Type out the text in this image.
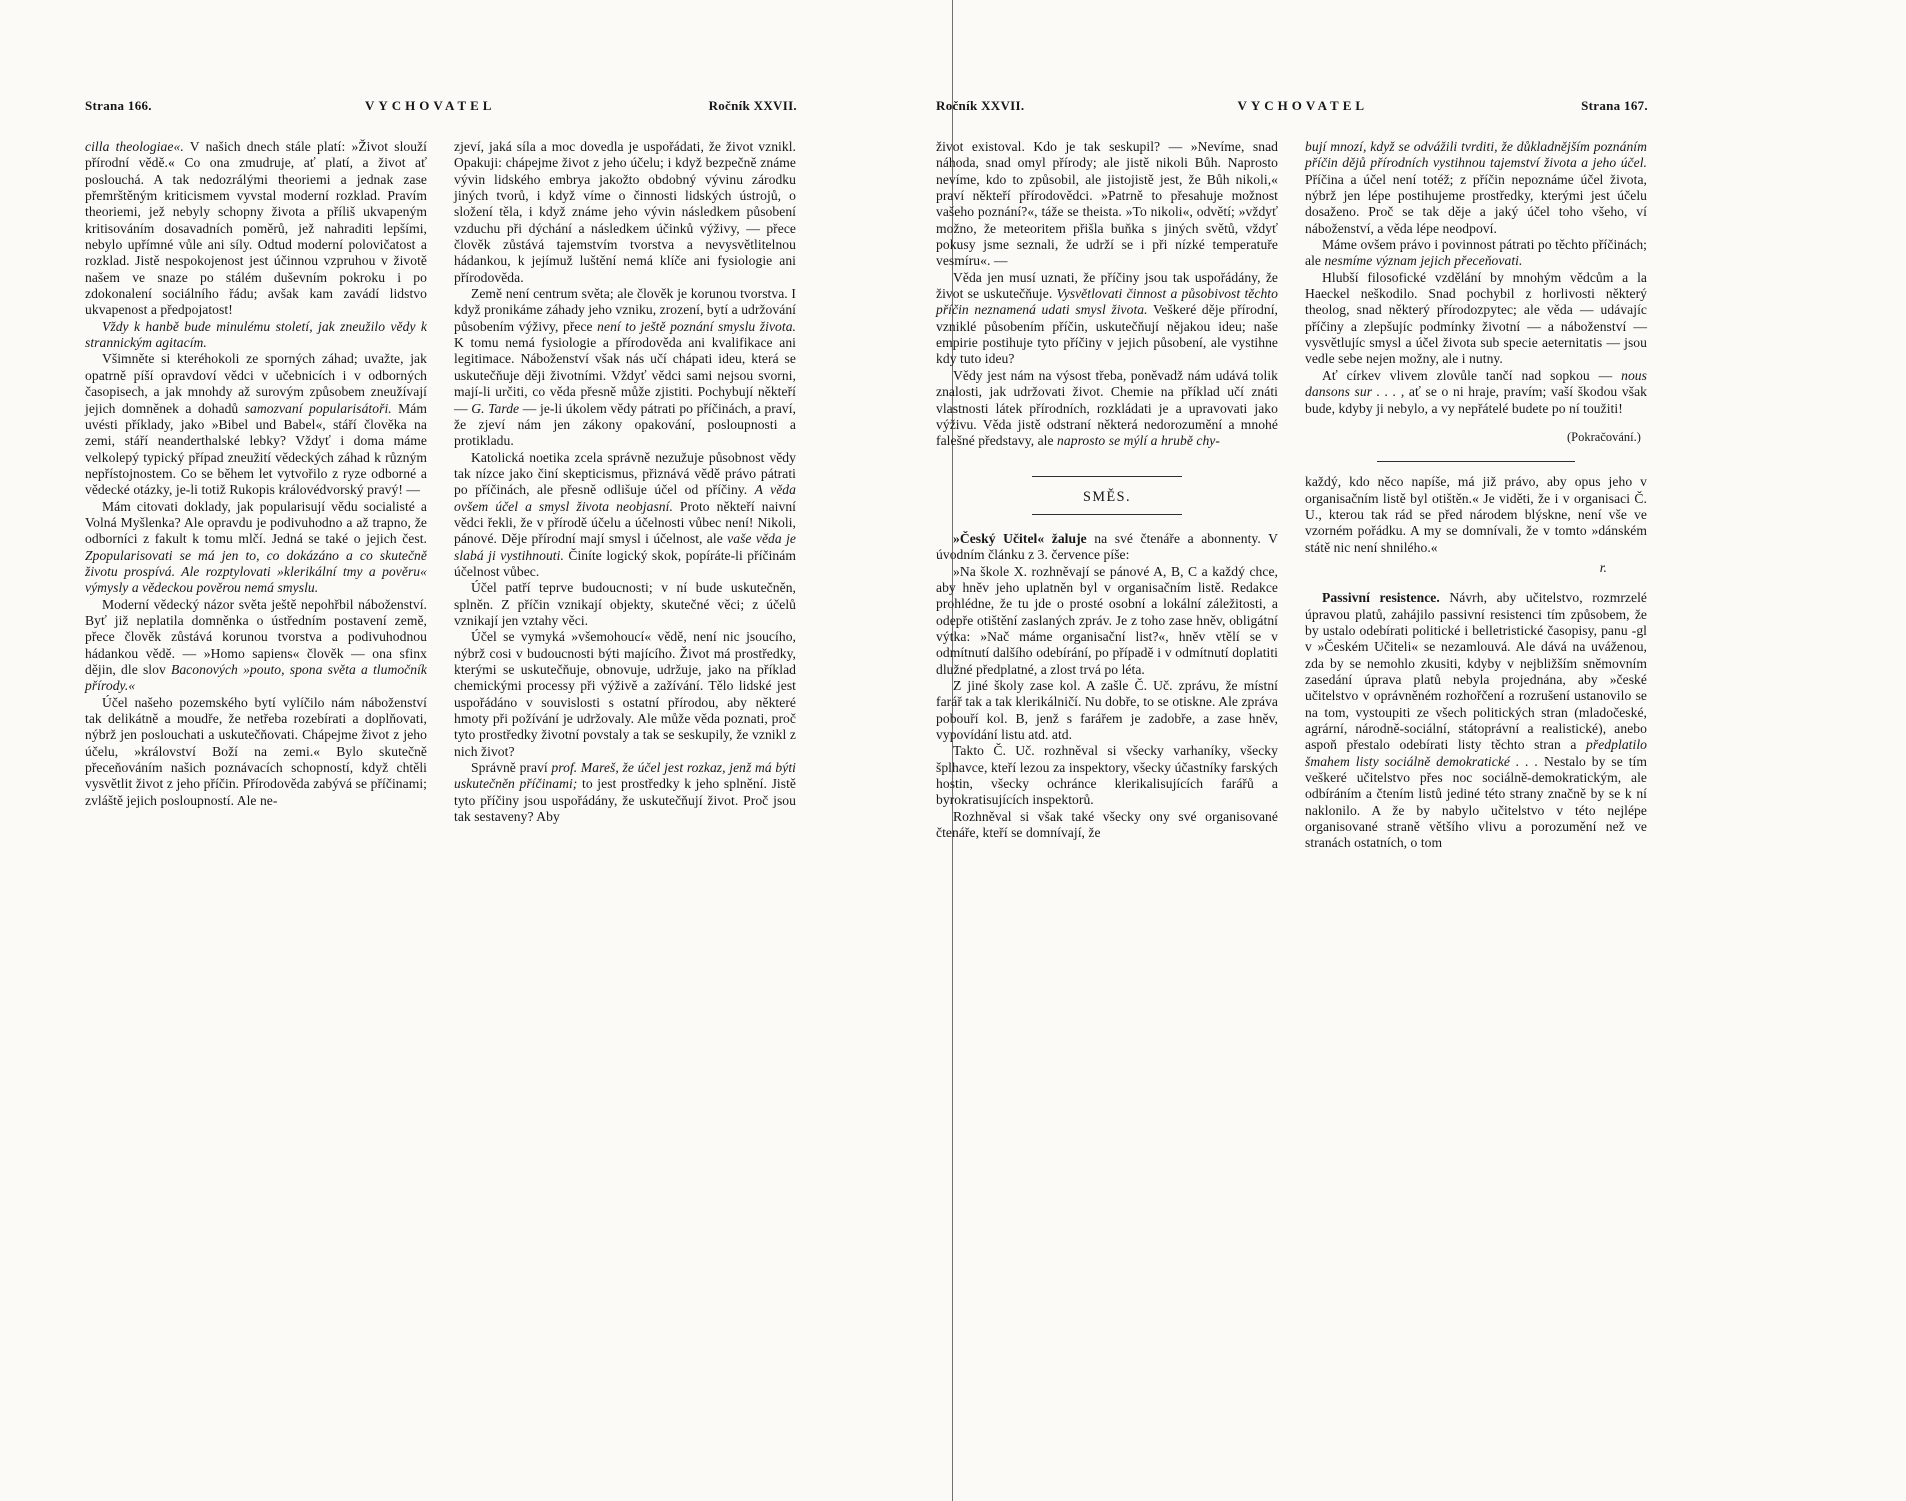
Strana 166.	VYCHOVATEL	Ročník XXVII.

cilla theologiae«. V našich dnech stále platí: »Život slouží přírodní vědě.« Co ona zmudruje, ať platí, a život ať poslouchá. A tak nedozrálými theoriemi a jednak zase přemrštěným kriticismem vyvstal moderní rozklad. Pravím theoriemi, jež nebyly schopny života a příliš ukvapeným kritisováním dosavadních poměrů, jež nahraditi lepšími, nebylo upřímné vůle ani síly. Odtud moderní polovičatost a rozklad. Jistě nespokojenost jest účinnou vzpruhou v životě našem ve snaze po stálém duševním pokroku i po zdokonalení sociálního řádu; avšak kam zavádí lidstvo ukvapenost a předpojatost!

Vždy k hanbě bude minulému století, jak zneužilo vědy k strannickým agitacím.

Všimněte si kteréhokoli ze sporných záhad; uvažte, jak opatrně píší opravdoví vědci v učebnicích i v odborných časopisech, a jak mnohdy až surovým způsobem zneužívají jejich domněnek a dohadů samozvaní popularisátoři. Mám uvésti příklady, jako »Bibel und Babel«, stáří člověka na zemi, stáří neanderthalské lebky? Vždyť i doma máme velkolepý typický případ zneužití vědeckých záhad k různým nepřístojnostem. Co se během let vytvořilo z ryze odborné a vědecké otázky, je-li totiž Rukopis královédvorský pravý! —

Mám citovati doklady, jak popularisují vědu socialisté a Volná Myšlenka? Ale opravdu je podivuhodno a až trapno, že odborníci z fakult k tomu mlčí. Jedná se také o jejich čest. Zpopularisovati se má jen to, co dokázáno a co skutečně životu prospívá. Ale rozptylovati »klerikální tmy a pověru« výmysly a vědeckou pověrou nemá smyslu.

Moderní vědecký názor světa ještě nepohřbil náboženství. Byť již neplatila domněnka o ústředním postavení země, přece člověk zůstává korunou tvorstva a podivuhodnou hádankou vědě. — »Homo sapiens« člověk — ona sfinx dějin, dle slov Baconových »pouto, spona světa a tlumočník přírody.«

Účel našeho pozemského bytí vylíčilo nám náboženství tak delikátně a moudře, že netřeba rozebírati a doplňovati, nýbrž jen poslouchati a uskutečňovati. Chápejme život z jeho účelu, »království Boží na zemi.« Bylo skutečně přeceňováním našich poznávacích schopností, když chtěli vysvětlit život z jeho příčin. Přírodověda zabývá se příčinami; zvláště jejich posloupností. Ale ne-

zjeví, jaká síla a moc dovedla je uspořádati, že život vznikl. Opakuji: chápejme život z jeho účelu; i když bezpečně známe vývin lidského embrya jakožto obdobný vývinu zárodku jiných tvorů, i když víme o činnosti lidských ústrojů, o složení těla, i když známe jeho vývin následkem působení vzduchu při dýchání a následkem účinků výživy, — přece člověk zůstává tajemstvím tvorstva a nevysvětlitelnou hádankou, k jejímuž luštění nemá klíče ani fysiologie ani přírodověda.

Země není centrum světa; ale člověk je korunou tvorstva. I když pronikáme záhady jeho vzniku, zrození, bytí a udržování působením výživy, přece není to ještě poznání smyslu života. K tomu nemá fysiologie a přírodověda ani kvalifikace ani legitimace. Náboženství však nás učí chápati ideu, která se uskutečňuje ději životními. Vždyť vědci sami nejsou svorni, mají-li určiti, co věda přesně může zjistiti. Pochybují někteří — G. Tarde — je-li úkolem vědy pátrati po příčinách, a praví, že zjeví nám jen zákony opakování, posloupnosti a protikladu.

Katolická noetika zcela správně nezužuje působnost vědy tak nízce jako činí skepticismus, přiznává vědě právo pátrati po příčinách, ale přesně odlišuje účel od příčiny. A věda ovšem účel a smysl života neobjasní. Proto někteří naivní vědci řekli, že v přírodě účelu a účelnosti vůbec není! Nikoli, pánové. Děje přírodní mají smysl i účelnost, ale vaše věda je slabá ji vystihnouti. Činíte logický skok, popíráte-li příčinám účelnost vůbec.

Účel patří teprve budoucnosti; v ní bude uskutečněn, splněn. Z příčin vznikají objekty, skutečné věci; z účelů vznikají jen vztahy věci.

Účel se vymyká »všemohoucí« vědě, není nic jsoucího, nýbrž cosi v budoucnosti býti majícího. Život má prostředky, kterými se uskutečňuje, obnovuje, udržuje, jako na příklad chemickými processy při výživě a zažívání. Tělo lidské jest uspořádáno v souvislosti s ostatní přírodou, aby některé hmoty při požívání je udržovaly. Ale může věda poznati, proč tyto prostředky životní povstaly a tak se seskupily, že vznikl z nich život?

Správně praví prof. Mareš, že účel jest rozkaz, jenž má býti uskutečněn příčinami; to jest prostředky k jeho splnění. Jistě tyto příčiny jsou uspořádány, že uskutečňují život. Proč jsou tak sestaveny? Aby

Ročník XXVII.	VYCHOVATEL	Strana 167.

život existoval. Kdo je tak seskupil? — »Nevíme, snad náhoda, snad omyl přírody; ale jistě nikoli Bůh. Naprosto nevíme, kdo to způsobil, ale jistojistě jest, že Bůh nikoli,« praví někteří přírodovědci. »Patrně to přesahuje možnost vašeho poznání?«, táže se theista. »To nikoli«, odvětí; »vždyť možno, že meteoritem přišla buňka s jiných světů, vždyť pokusy jsme seznali, že udrží se i při nízké temperatuře vesmíru«. —

Věda jen musí uznati, že příčiny jsou tak uspořádány, že život se uskutečňuje. Vysvětlovati činnost a působivost těchto příčin neznamená udati smysl života. Veškeré děje přírodní, vzniklé působením příčin, uskutečňují nějakou ideu; naše empirie postihuje tyto příčiny v jejich působení, ale vystihne kdy tuto ideu?

Vědy jest nám na výsost třeba, poněvadž nám udává tolik znalosti, jak udržovati život. Chemie na příklad učí znáti vlastnosti látek přírodních, rozkládati je a upravovati jako výživu. Věda jistě odstraní některá nedorozumění a mnohé falešné představy, ale naprosto se mýlí a hrubě chy-

SMĚS.

»Český Učitel« žaluje na své čtenáře a abonnenty. V úvodním článku z 3. července píše:

»Na škole X. rozhněvají se pánové A, B, C a každý chce, aby hněv jeho uplatněn byl v organisačním listě. Redakce prohlédne, že tu jde o prosté osobní a lokální záležitosti, a odepře otištění zaslaných zpráv. Je z toho zase hněv, obligátní výtka: »Nač máme organisační list?«, hněv vtělí se v odmítnutí dalšího odebírání, po případě i v odmítnutí doplatiti dlužné předplatné, a zlost trvá po léta.

Z jiné školy zase kol. A zašle Č. Uč. zprávu, že místní farář tak a tak klerikálničí. Nu dobře, to se otiskne. Ale zpráva pobouří kol. B, jenž s farářem je zadobře, a zase hněv, vypovídání listu atd. atd.

Takto Č. Uč. rozhněval si všecky varhaníky, všecky šplhavce, kteří lezou za inspektory, všecky účastníky farských hostin, všecky ochránce klerikalisujících farářů a byrokratisujících inspektorů.

Rozhněval si však také všecky ony své organisované čtenáře, kteří se domnívají, že

bují mnozí, když se odvážili tvrditi, že důkladnějším poznáním příčin dějů přírodních vystihnou tajemství života a jeho účel. Příčina a účel není totéž; z příčin nepoznáme účel života, nýbrž jen lépe postihujeme prostředky, kterými jest účelu dosaženo. Proč se tak děje a jaký účel toho všeho, ví náboženství, a věda lépe neodpoví.

Máme ovšem právo i povinnost pátrati po těchto příčinách; ale nesmíme význam jejich přeceňovati.

Hlubší filosofické vzdělání by mnohým vědcům a la Haeckel neškodilo. Snad pochybil z horlivosti některý theolog, snad některý přírodozpytec; ale věda — udávajíc příčiny a zlepšujíc podmínky životní — a náboženství — vysvětlujíc smysl a účel života sub specie aeternitatis — jsou vedle sebe nejen možny, ale i nutny.

Ať církev vlivem zlovůle tančí nad sopkou — nous dansons sur . . . , ať se o ni hraje, pravím; vaší škodou však bude, kdyby ji nebylo, a vy nepřátelé budete po ní toužiti!

(Pokračování.)

každý, kdo něco napíše, má již právo, aby opus jeho v organisačním listě byl otištěn.« Je viděti, že i v organisaci Č. U., kterou tak rád se před národem blýskne, není vše ve vzorném pořádku. A my se domnívali, že v tomto »dánském státě nic není shnilého.«

r.

Passivní resistence. Návrh, aby učitelstvo, rozmrzelé úpravou platů, zahájilo passivní resistenci tím způsobem, že by ustalo odebírati politické i belletristické časopisy, panu -gl v »Českém Učiteli« se nezamlouvá. Ale dává na uváženou, zda by se nemohlo zkusiti, kdyby v nejbližším sněmovním zasedání úprava platů nebyla projednána, aby »české učitelstvo v oprávněném rozhořčení a rozrušení ustanovilo se na tom, vystoupiti ze všech politických stran (mladočeské, agrární, národně-sociální, státoprávní a realistické), anebo aspoň přestalo odebírati listy těchto stran a předplatilo šmahem listy sociálně demokratické . . . Nestalo by se tím veškeré učitelstvo přes noc sociálně-demokratickým, ale odbíráním a čtením listů jediné této strany značně by se k ní naklonilo. A že by nabylo učitelstvo v této nejlépe organisované straně většího vlivu a porozumění než ve stranách ostatních, o tom
